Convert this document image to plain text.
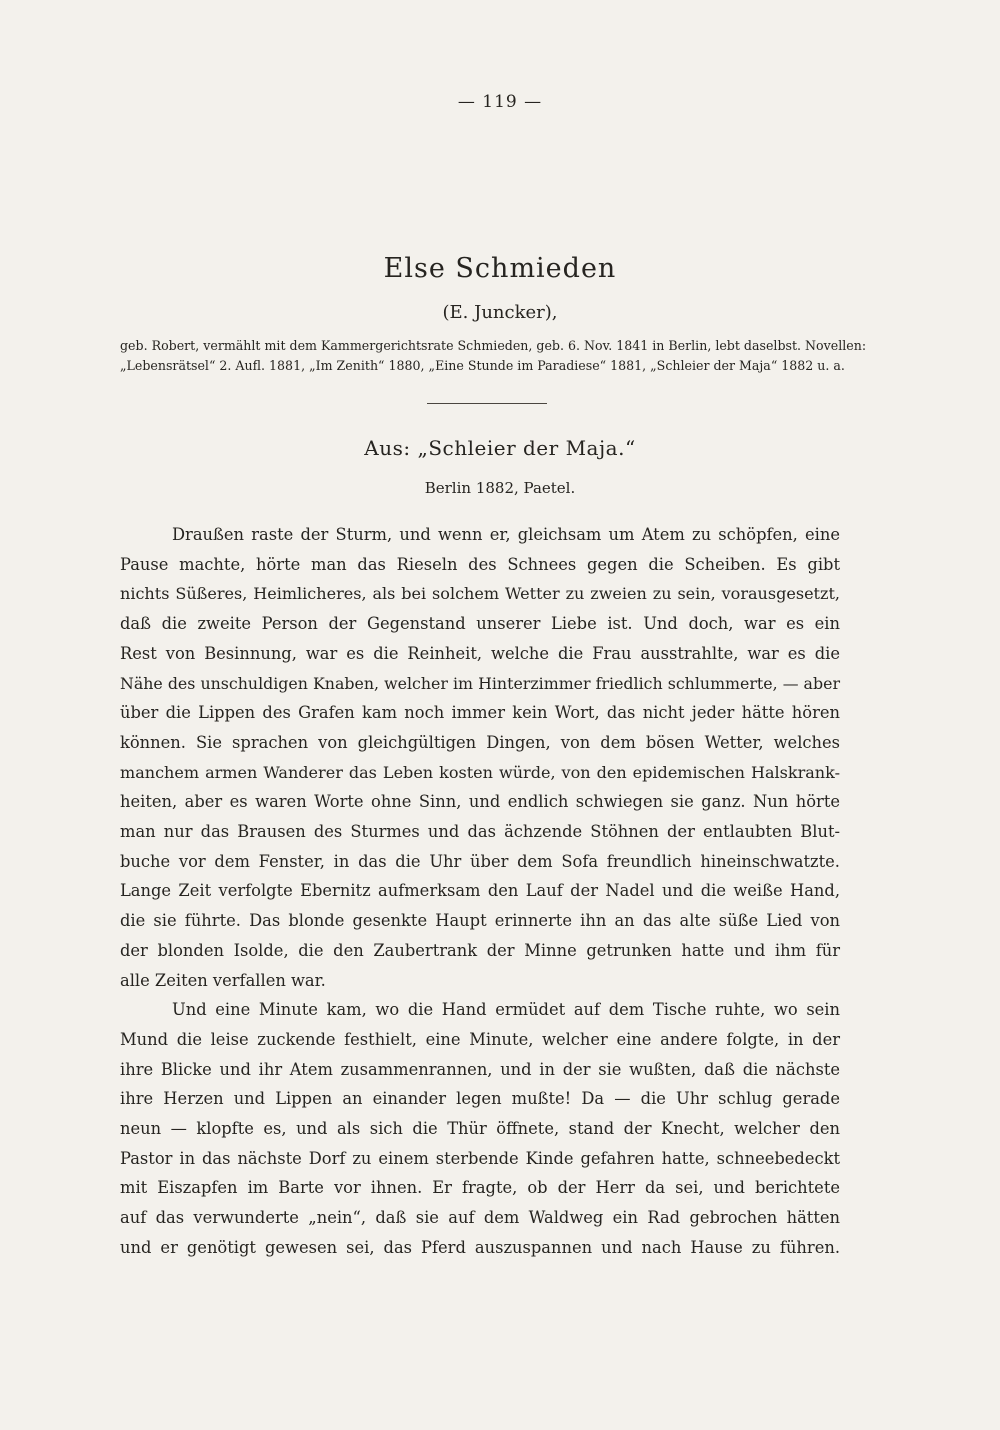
— 119 —
Else Schmieden
(E. Juncker),
geb. Robert, vermählt mit dem Kammergerichtsrate Schmieden, geb. 6. Nov. 1841 in Berlin, lebt daselbst. Novellen:
„Lebensrätsel“ 2. Aufl. 1881, „Im Zenith“ 1880, „Eine Stunde im Paradiese“ 1881, „Schleier der Maja“ 1882 u. a.
Aus: „Schleier der Maja.“
Berlin 1882, Paetel.
Draußen raste der Sturm, und wenn er, gleichsam um Atem zu schöpfen, eine
Pause machte, hörte man das Rieseln des Schnees gegen die Scheiben. Es gibt
nichts Süßeres, Heimlicheres, als bei solchem Wetter zu zweien zu sein, vorausgesetzt,
daß die zweite Person der Gegenstand unserer Liebe ist. Und doch, war es ein
Rest von Besinnung, war es die Reinheit, welche die Frau ausstrahlte, war es die
Nähe des unschuldigen Knaben, welcher im Hinterzimmer friedlich schlummerte, — aber
über die Lippen des Grafen kam noch immer kein Wort, das nicht jeder hätte hören
können. Sie sprachen von gleichgültigen Dingen, von dem bösen Wetter, welches
manchem armen Wanderer das Leben kosten würde, von den epidemischen Halskrank-
heiten, aber es waren Worte ohne Sinn, und endlich schwiegen sie ganz. Nun hörte
man nur das Brausen des Sturmes und das ächzende Stöhnen der entlaubten Blut-
buche vor dem Fenster, in das die Uhr über dem Sofa freundlich hineinschwatzte.
Lange Zeit verfolgte Ebernitz aufmerksam den Lauf der Nadel und die weiße Hand,
die sie führte. Das blonde gesenkte Haupt erinnerte ihn an das alte süße Lied von
der blonden Isolde, die den Zaubertrank der Minne getrunken hatte und ihm für
alle Zeiten verfallen war.
Und eine Minute kam, wo die Hand ermüdet auf dem Tische ruhte, wo sein
Mund die leise zuckende festhielt, eine Minute, welcher eine andere folgte, in der
ihre Blicke und ihr Atem zusammenrannen, und in der sie wußten, daß die nächste
ihre Herzen und Lippen an einander legen mußte! Da — die Uhr schlug gerade
neun — klopfte es, und als sich die Thür öffnete, stand der Knecht, welcher den
Pastor in das nächste Dorf zu einem sterbende Kinde gefahren hatte, schneebedeckt
mit Eiszapfen im Barte vor ihnen. Er fragte, ob der Herr da sei, und berichtete
auf das verwunderte „nein“, daß sie auf dem Waldweg ein Rad gebrochen hätten
und er genötigt gewesen sei, das Pferd auszuspannen und nach Hause zu führen.
